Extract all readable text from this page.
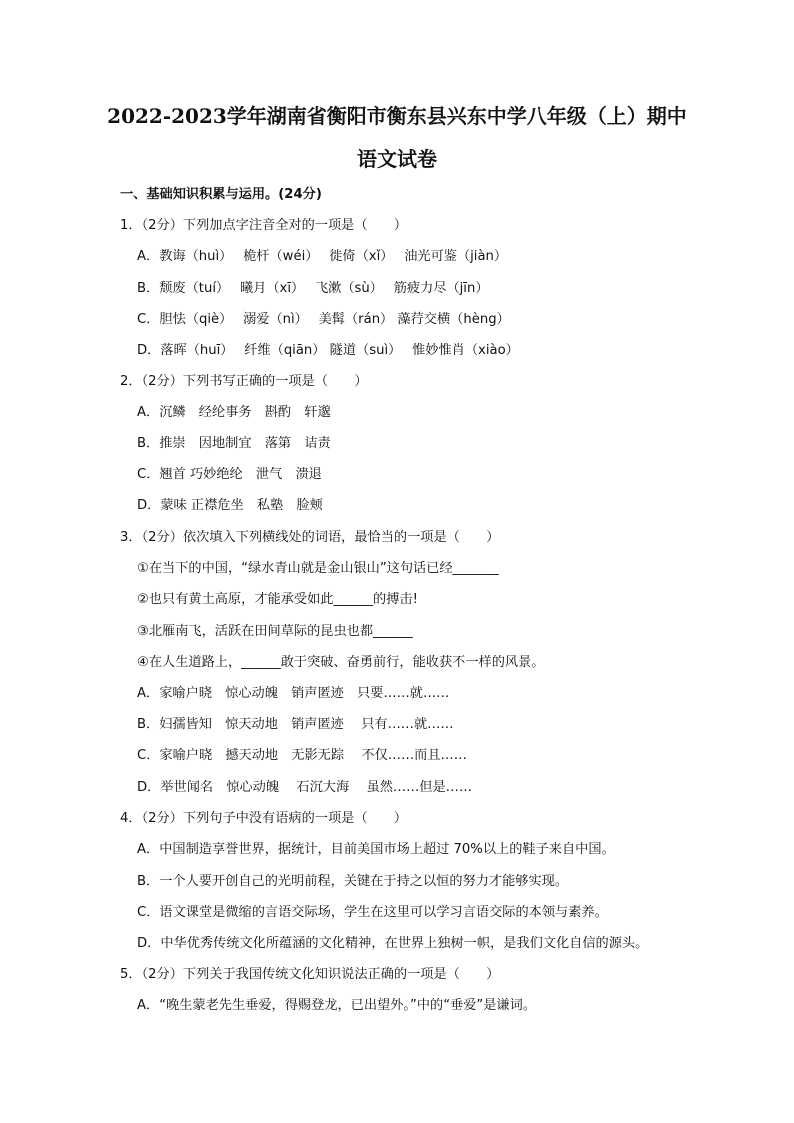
2022-2023学年湖南省衡阳市衡东县兴东中学八年级（上）期中
语文试卷
一、基础知识积累与运用。(24分)
1．（2分）下列加点字注音全对的一项是（　　）
A．教诲（huì）　 桅杆（wéi）　 徙倚（xǐ）　 油光可鉴（jiàn）
B．颓废（tuí）　 曦月（xī）　 飞漱（sù）　 筋疲力尽（jīn）
C．胆怯（qiè）　 溺爱（nì）　 美髯（rán） 藻荇交横（hèng）
D．落晖（huī）　 纤维（qiān） 隧道（suì）　 惟妙惟肖（xiào）
2．（2分）下列书写正确的一项是（　　）
A．沉鳞　经纶事务　斟酌　轩邈
B．推崇　因地制宜　落第　诘责
C．翘首 巧妙绝纶　泄气　溃退
D．蒙味 正襟危坐　私塾　脸颊
3．（2分）依次填入下列横线处的词语，最恰当的一项是（　　）
①在当下的中国，“绿水青山就是金山银山”这句话已经_______
②也只有黄土高原，才能承受如此______的搏击!
③北雁南飞，活跃在田间草际的昆虫也都______
④在人生道路上，______敢于突破、奋勇前行，能收获不一样的风景。
A．家喻户晓　惊心动魄　销声匿迹　只要……就……
B．妇孺皆知　惊天动地　销声匿迹　 只有……就……
C．家喻户晓　撼天动地　无影无踪　 不仅……而且……
D．举世闻名　惊心动魄　 石沉大海　 虽然……但是……
4．（2分）下列句子中没有语病的一项是（　　）
A．中国制造享誉世界，据统计，目前美国市场上超过 70%以上的鞋子来自中国。
B．一个人要开创自己的光明前程，关键在于持之以恒的努力才能够实现。
C．语文课堂是微缩的言语交际场，学生在这里可以学习言语交际的本领与素养。
D．中华优秀传统文化所蕴涵的文化精神，在世界上独树一帜，是我们文化自信的源头。
5．（2分）下列关于我国传统文化知识说法正确的一项是（　　）
A．“晚生蒙老先生垂爱，得赐登龙，已出望外。”中的“垂爱”是谦词。
